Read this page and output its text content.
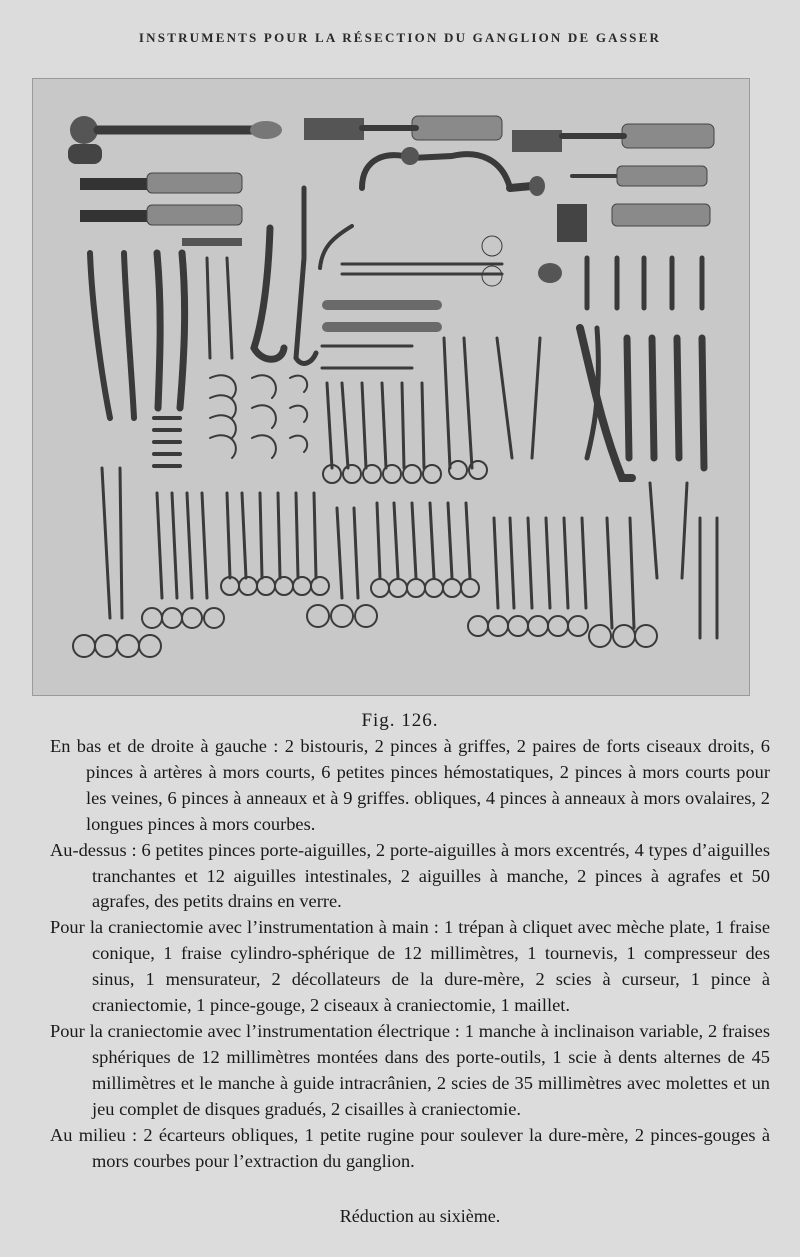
INSTRUMENTS POUR LA RÉSECTION DU GANGLION DE GASSER
Fig. 126.

En bas et de droite à gauche : 2 bistouris, 2 pinces à griffes, 2 paires de forts ciseaux droits, 6 pinces à artères à mors courts, 6 petites pinces hémostatiques, 2 pinces à mors courts pour les veines, 6 pinces à anneaux et à 9 griffes. obliques, 4 pinces à anneaux à mors ovalaires, 2 longues pinces à mors courbes.

Au-dessus : 6 petites pinces porte-aiguilles, 2 porte-aiguilles à mors excentrés, 4 types d’aiguilles tranchantes et 12 aiguilles intestinales, 2 aiguilles à manche, 2 pinces à agrafes et 50 agrafes, des petits drains en verre.

Pour la craniectomie avec l’instrumentation à main : 1 trépan à cliquet avec mèche plate, 1 fraise conique, 1 fraise cylindro-sphérique de 12 millimètres, 1 tournevis, 1 compresseur des sinus, 1 mensurateur, 2 décollateurs de la dure-mère, 2 scies à curseur, 1 pince à craniectomie, 1 pince-gouge, 2 ciseaux à craniectomie, 1 maillet.

Pour la craniectomie avec l’instrumentation électrique : 1 manche à inclinaison variable, 2 fraises sphériques de 12 millimètres montées dans des porte-outils, 1 scie à dents alternes de 45 millimètres et le manche à guide intracrânien, 2 scies de 35 millimètres avec molettes et un jeu complet de disques gradués, 2 cisailles à craniectomie.

Au milieu : 2 écarteurs obliques, 1 petite rugine pour soulever la dure-mère, 2 pinces-gouges à mors courbes pour l’extraction du ganglion.

Réduction au sixième.
